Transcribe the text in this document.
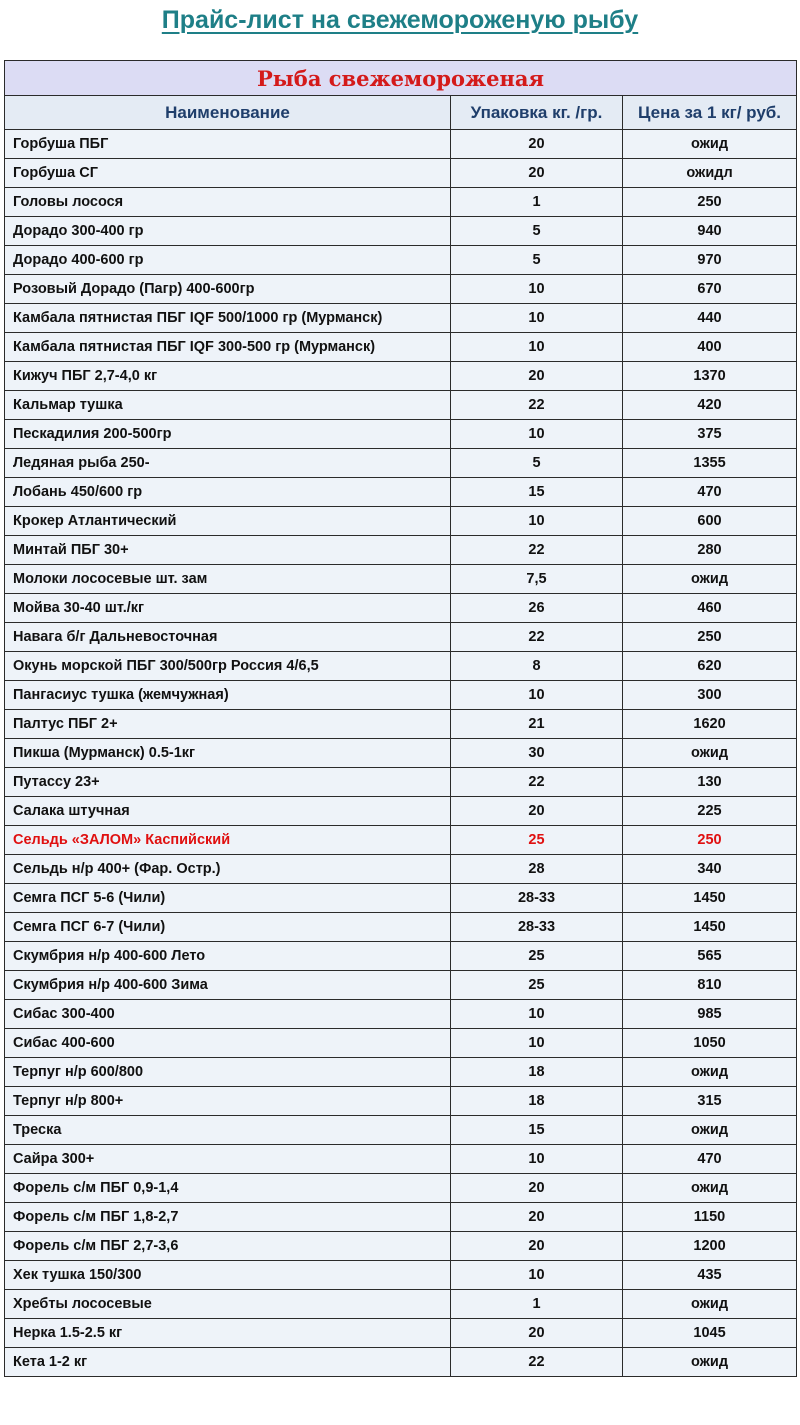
Прайс-лист на свежемороженую рыбу
Рыба свежемороженая		
Наименование	Упаковка кг. /гр.	Цена за 1 кг/ руб.
Горбуша ПБГ	20	ожид
Горбуша СГ	20	ожидл
Головы лосося	1	250
Дорадо 300-400 гр	5	940
Дорадо 400-600 гр	5	970
Розовый Дорадо (Пагр) 400-600гр	10	670
Камбала пятнистая ПБГ IQF 500/1000 гр (Мурманск)	10	440
Камбала пятнистая ПБГ IQF 300-500 гр (Мурманск)	10	400
Кижуч ПБГ 2,7-4,0 кг	20	1370
Кальмар тушка	22	420
Пескадилия 200-500гр	10	375
Ледяная рыба 250-	5	1355
Лобань 450/600 гр	15	470
Крокер Атлантический	10	600
Минтай ПБГ 30+	22	280
Молоки лососевые шт. зам	7,5	ожид
Мойва 30-40 шт./кг	26	460
Навага б/г Дальневосточная	22	250
Окунь морской ПБГ 300/500гр Россия 4/6,5	8	620
Пангасиус тушка (жемчужная)	10	300
Палтус ПБГ 2+	21	1620
Пикша (Мурманск) 0.5-1кг	30	ожид
Путассу 23+	22	130
Салака штучная	20	225
Сельдь «ЗАЛОМ» Каспийский	25	250
Сельдь н/р 400+ (Фар. Остр.)	28	340
Семга ПСГ 5-6 (Чили)	28-33	1450
Семга ПСГ 6-7 (Чили)	28-33	1450
Скумбрия н/р 400-600 Лето	25	565
Скумбрия н/р 400-600 Зима	25	810
Сибас 300-400	10	985
Сибас 400-600	10	1050
Терпуг н/р 600/800	18	ожид
Терпуг н/р 800+	18	315
Треска	15	ожид
Сайра 300+	10	470
Форель с/м ПБГ 0,9-1,4	20	ожид
Форель с/м ПБГ 1,8-2,7	20	1150
Форель с/м ПБГ 2,7-3,6	20	1200
Хек тушка 150/300	10	435
Хребты лососевые	1	ожид
Нерка 1.5-2.5 кг	20	1045
Кета 1-2 кг	22	ожид
